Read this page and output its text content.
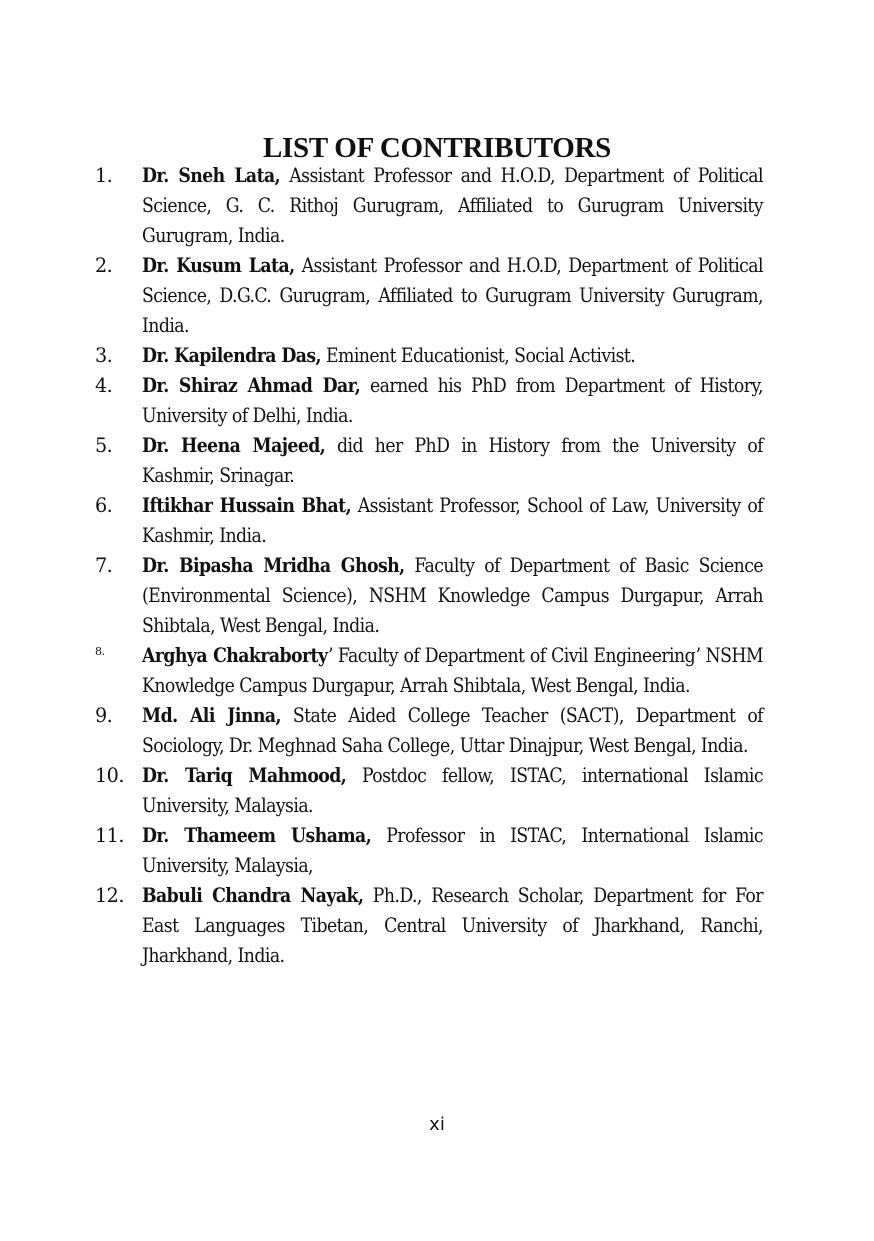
LIST OF CONTRIBUTORS
1.	Dr. Sneh Lata, Assistant Professor and H.O.D, Department of Political Science, G. C. Rithoj Gurugram, Affiliated to Gurugram University Gurugram, India.
2.	Dr. Kusum Lata, Assistant Professor and H.O.D, Department of Political Science, D.G.C. Gurugram, Affiliated to Gurugram University Gurugram, India.
3.	Dr. Kapilendra Das, Eminent Educationist, Social Activist.
4.	Dr. Shiraz Ahmad Dar, earned his PhD from Department of History, University of Delhi, India.
5.	Dr. Heena Majeed, did her PhD in History from the University of Kashmir, Srinagar.
6.	Iftikhar Hussain Bhat, Assistant Professor, School of Law, University of Kashmir, India.
7.	Dr. Bipasha Mridha Ghosh, Faculty of Department of Basic Science (Environmental Science), NSHM Knowledge Campus Durgapur, Arrah Shibtala, West Bengal, India.
8.	Arghya Chakrabortyʼ Faculty of Department of Civil Engineeringʼ NSHM Knowledge Campus Durgapur, Arrah Shibtala, West Bengal, India.
9.	Md. Ali Jinna, State Aided College Teacher (SACT), Department of Sociology, Dr. Meghnad Saha College, Uttar Dinajpur, West Bengal, India.
10. Dr. Tariq Mahmood, Postdoc fellow, ISTAC, international Islamic University, Malaysia.
11. Dr. Thameem Ushama, Professor in ISTAC, International Islamic University, Malaysia,
12. Babuli Chandra Nayak, Ph.D., Research Scholar, Department for For East Languages Tibetan, Central University of Jharkhand, Ranchi, Jharkhand, India.
xi
